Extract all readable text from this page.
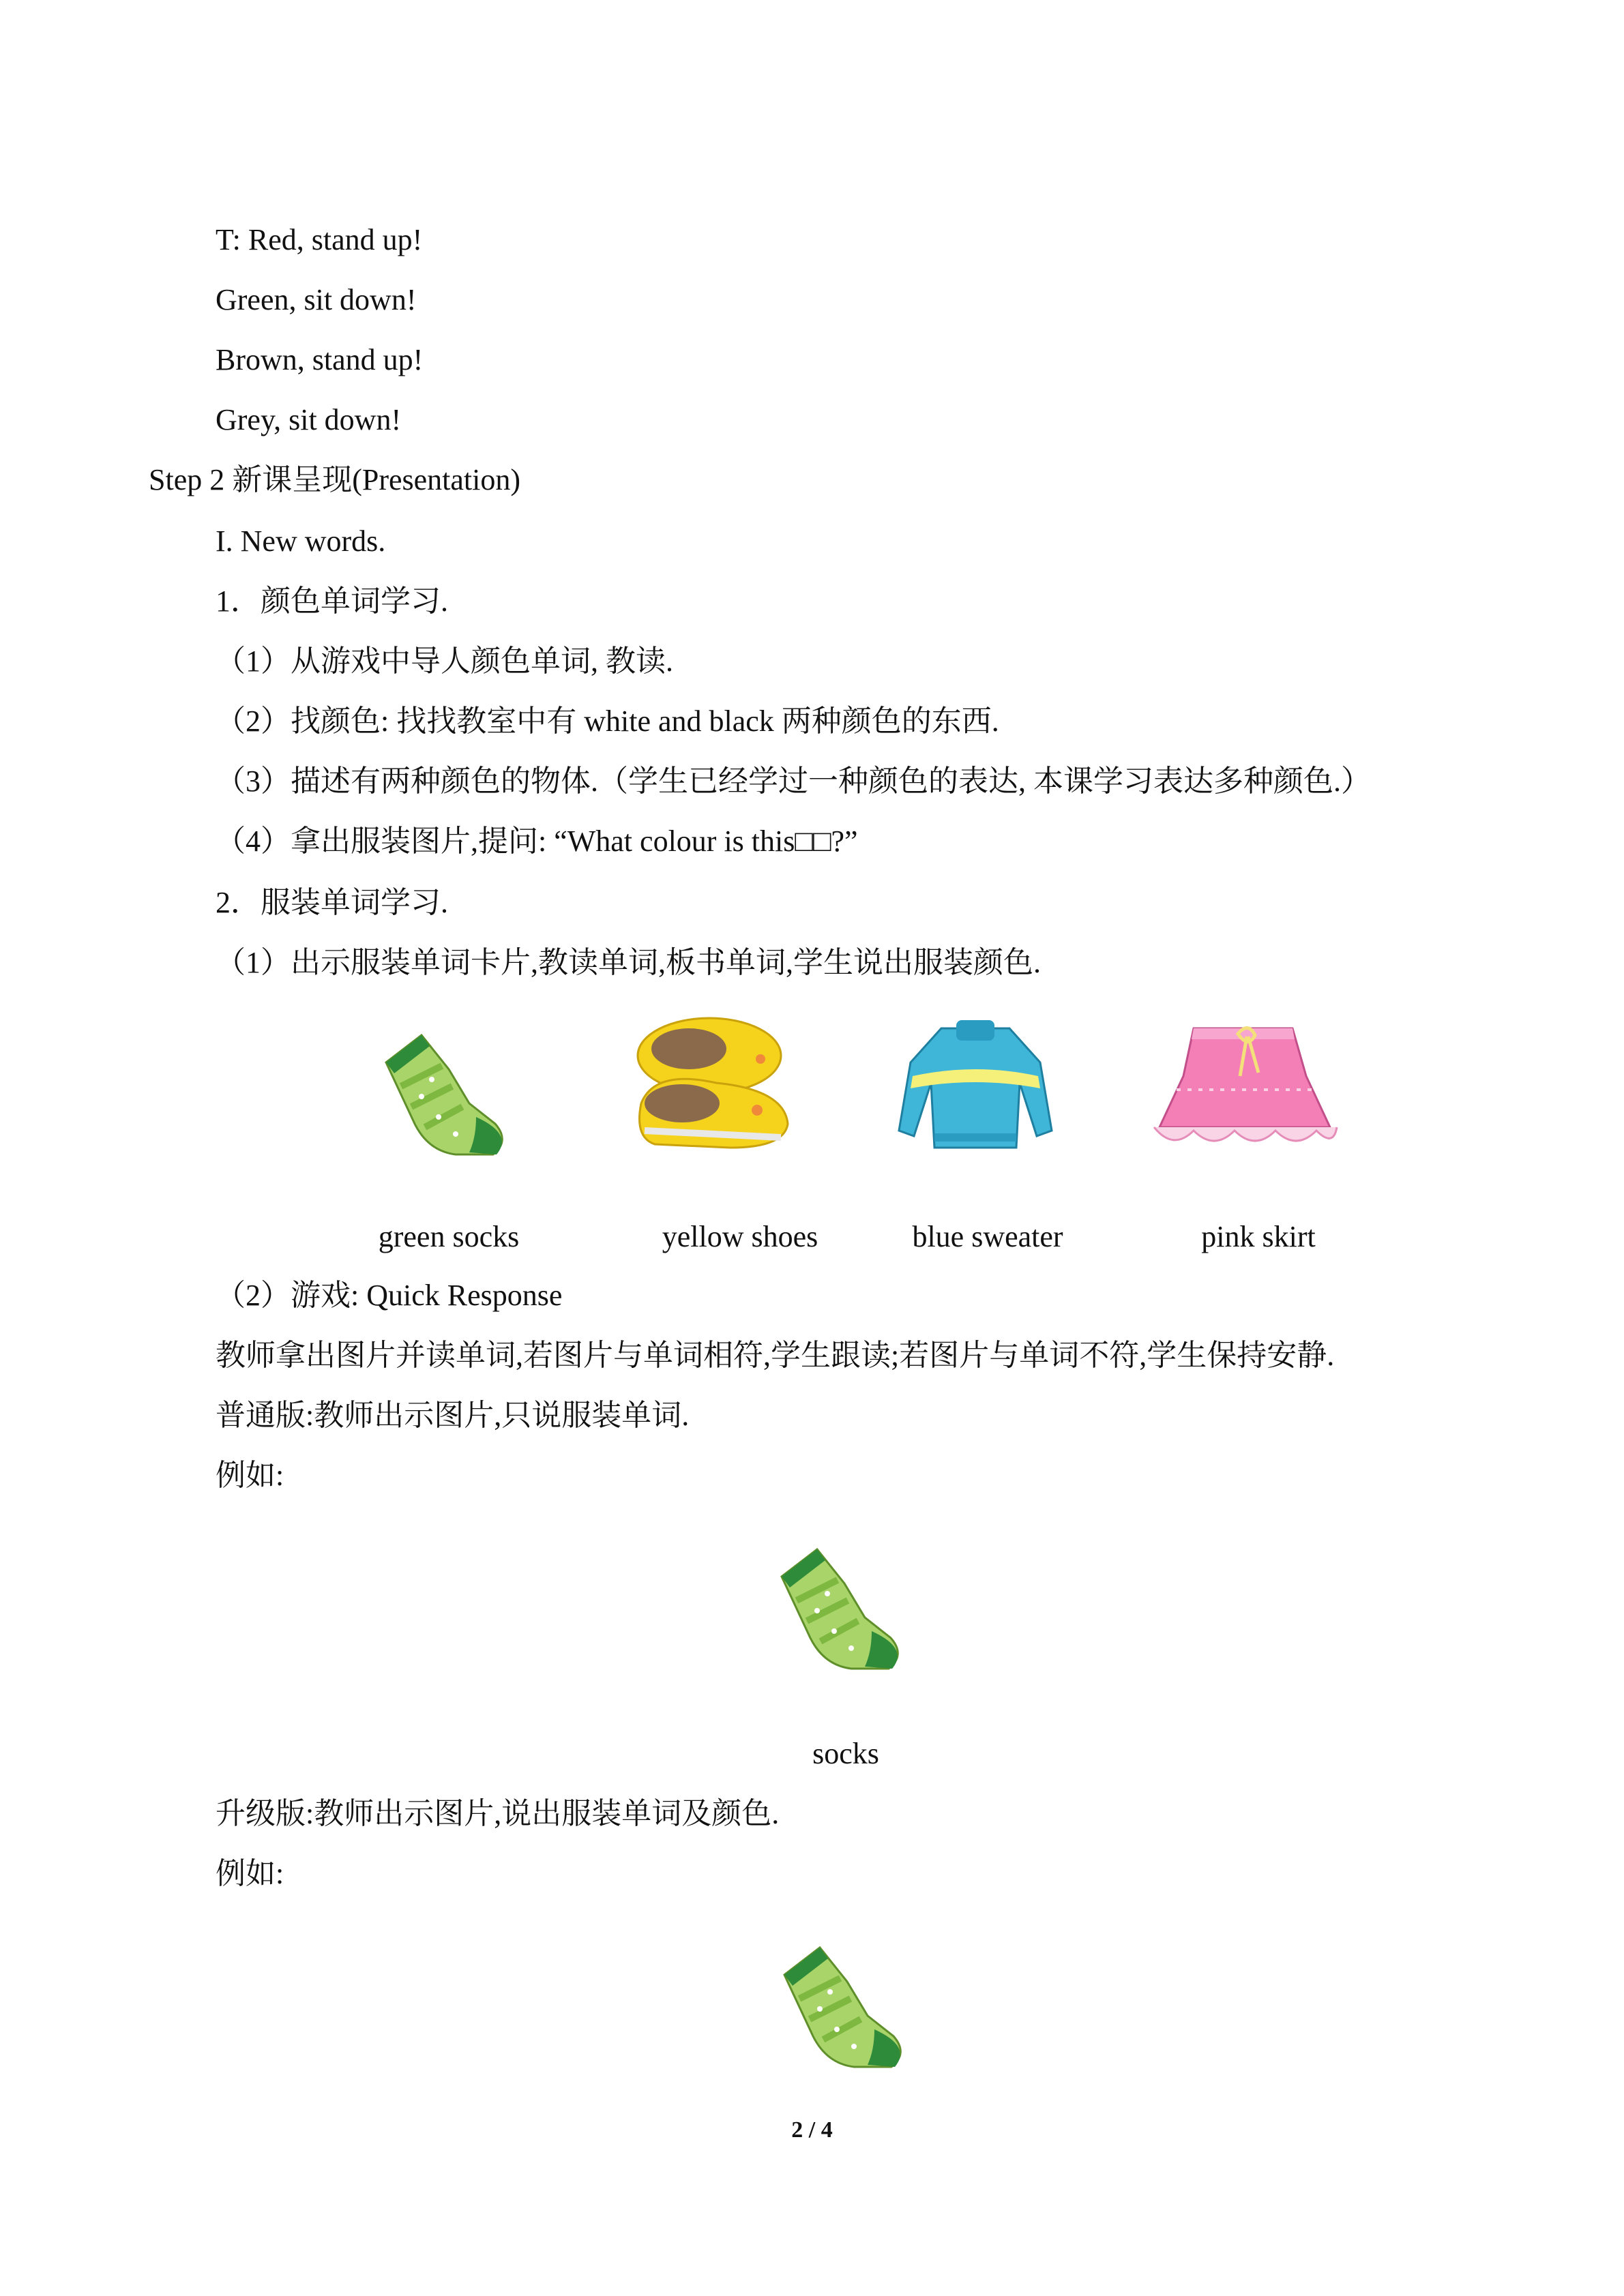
T: Red, stand up!
Green, sit down!
Brown, stand up!
Grey, sit down!
Step 2 新课呈现(Presentation)
I. New words.
1．颜色单词学习.
（1）从游戏中导人颜色单词, 教读.
（2）找颜色: 找找教室中有 white and black 两种颜色的东西.
（3）描述有两种颜色的物体.（学生已经学过一种颜色的表达, 本课学习表达多种颜色.）
（4）拿出服装图片,提问: “What colour is this□□?”
2．服装单词学习.
（1）出示服装单词卡片,教读单词,板书单词,学生说出服装颜色.
green socks	yellow shoes	blue sweater	pink skirt
（2）游戏: Quick Response
教师拿出图片并读单词,若图片与单词相符,学生跟读;若图片与单词不符,学生保持安静.
普通版:教师出示图片,只说服装单词.
例如:
socks
升级版:教师出示图片,说出服装单词及颜色.
例如:
2 / 4
